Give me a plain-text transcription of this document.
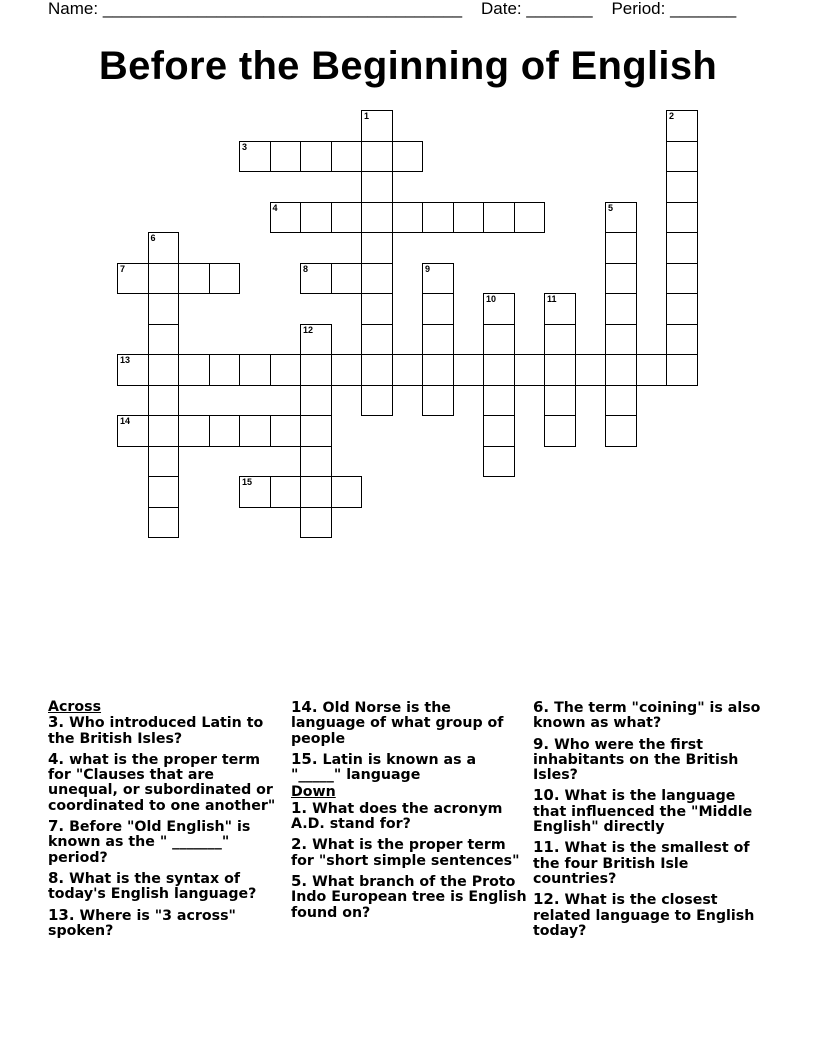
Name: ______________________________________ Date: _______ Period: _______
Before the Beginning of English
1	2
3
4	5
6
7	8	9
10	11
12
13
14
15
Across
3. Who introduced Latin to the British Isles?
4. what is the proper term for "Clauses that are unequal, or subordinated or coordinated to one another"
7. Before "Old English" is known as the " _______" period?
8. What is the syntax of today's English language?
13. Where is "3 across" spoken?
14. Old Norse is the language of what group of people
15. Latin is known as a "_____" language
Down
1. What does the acronym A.D. stand for?
2. What is the proper term for "short simple sentences"
5. What branch of the Proto Indo European tree is English found on?
6. The term "coining" is also known as what?
9. Who were the first inhabitants on the British Isles?
10. What is the language that influenced the "Middle English" directly
11. What is the smallest of the four British Isle countries?
12. What is the closest related language to English today?
